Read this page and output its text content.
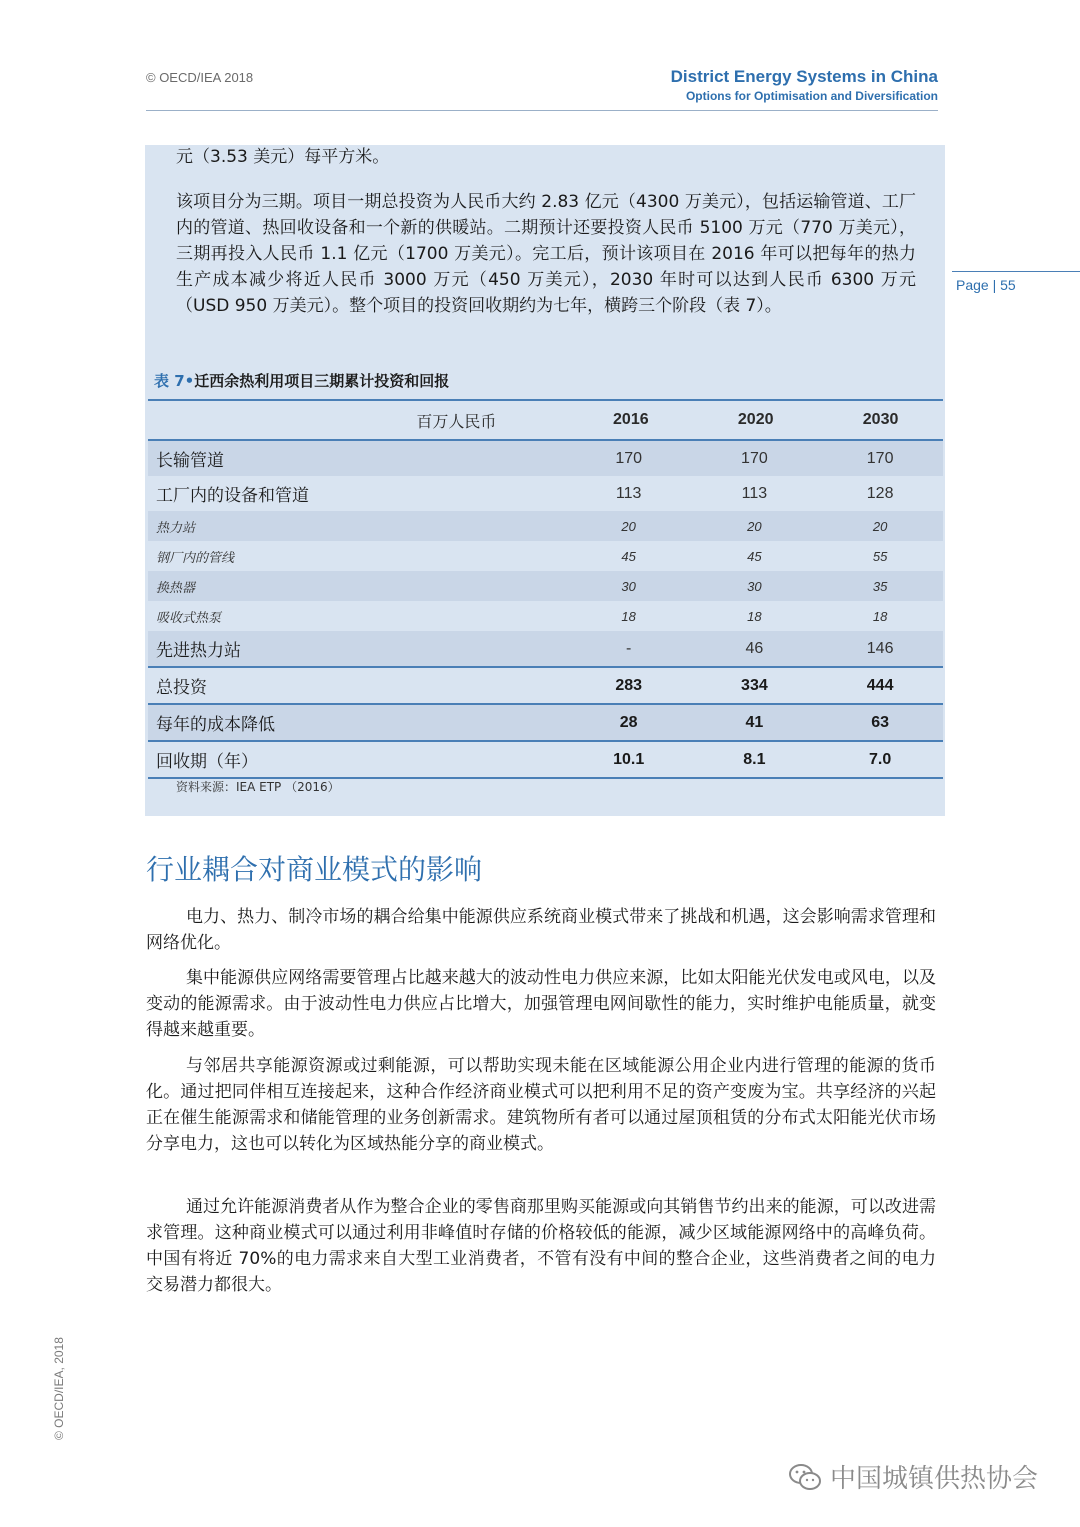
© OECD/IEA 2018	District Energy Systems in China
Options for Optimisation and Diversification
Page | 55
元（3.53 美元）每平方米。
该项目分为三期。项目一期总投资为人民币大约 2.83 亿元（4300 万美元），包括运输管道、工厂内的管道、热回收设备和一个新的供暖站。二期预计还要投资人民币 5100 万元（770 万美元），三期再投入人民币 1.1 亿元（1700 万美元）。完工后，预计该项目在 2016 年可以把每年的热力生产成本减少将近人民币 3000 万元（450 万美元），2030 年时可以达到人民币 6300 万元（USD 950 万美元）。整个项目的投资回收期约为七年，横跨三个阶段（表 7）。
表 7•迁西余热利用项目三期累计投资和回报
百万人民币	2016	2020	2030
长输管道	170	170	170
工厂内的设备和管道	113	113	128
热力站	20	20	20
钢厂内的管线	45	45	55
换热器	30	30	35
吸收式热泵	18	18	18
先进热力站	-	46	146
总投资	283	334	444
每年的成本降低	28	41	63
回收期（年）	10.1	8.1	7.0
资料来源：IEA ETP （2016）
行业耦合对商业模式的影响
电力、热力、制冷市场的耦合给集中能源供应系统商业模式带来了挑战和机遇，这会影响需求管理和网络优化。
集中能源供应网络需要管理占比越来越大的波动性电力供应来源，比如太阳能光伏发电或风电，以及变动的能源需求。由于波动性电力供应占比增大，加强管理电网间歇性的能力，实时维护电能质量，就变得越来越重要。
与邻居共享能源资源或过剩能源，可以帮助实现未能在区域能源公用企业内进行管理的能源的货币化。通过把同伴相互连接起来，这种合作经济商业模式可以把利用不足的资产变废为宝。共享经济的兴起正在催生能源需求和储能管理的业务创新需求。建筑物所有者可以通过屋顶租赁的分布式太阳能光伏市场分享电力，这也可以转化为区域热能分享的商业模式。
通过允许能源消费者从作为整合企业的零售商那里购买能源或向其销售节约出来的能源，可以改进需求管理。这种商业模式可以通过利用非峰值时存储的价格较低的能源，减少区域能源网络中的高峰负荷。中国有将近 70%的电力需求来自大型工业消费者，不管有没有中间的整合企业，这些消费者之间的电力交易潜力都很大。
© OECD/IEA, 2018
中国城镇供热协会
